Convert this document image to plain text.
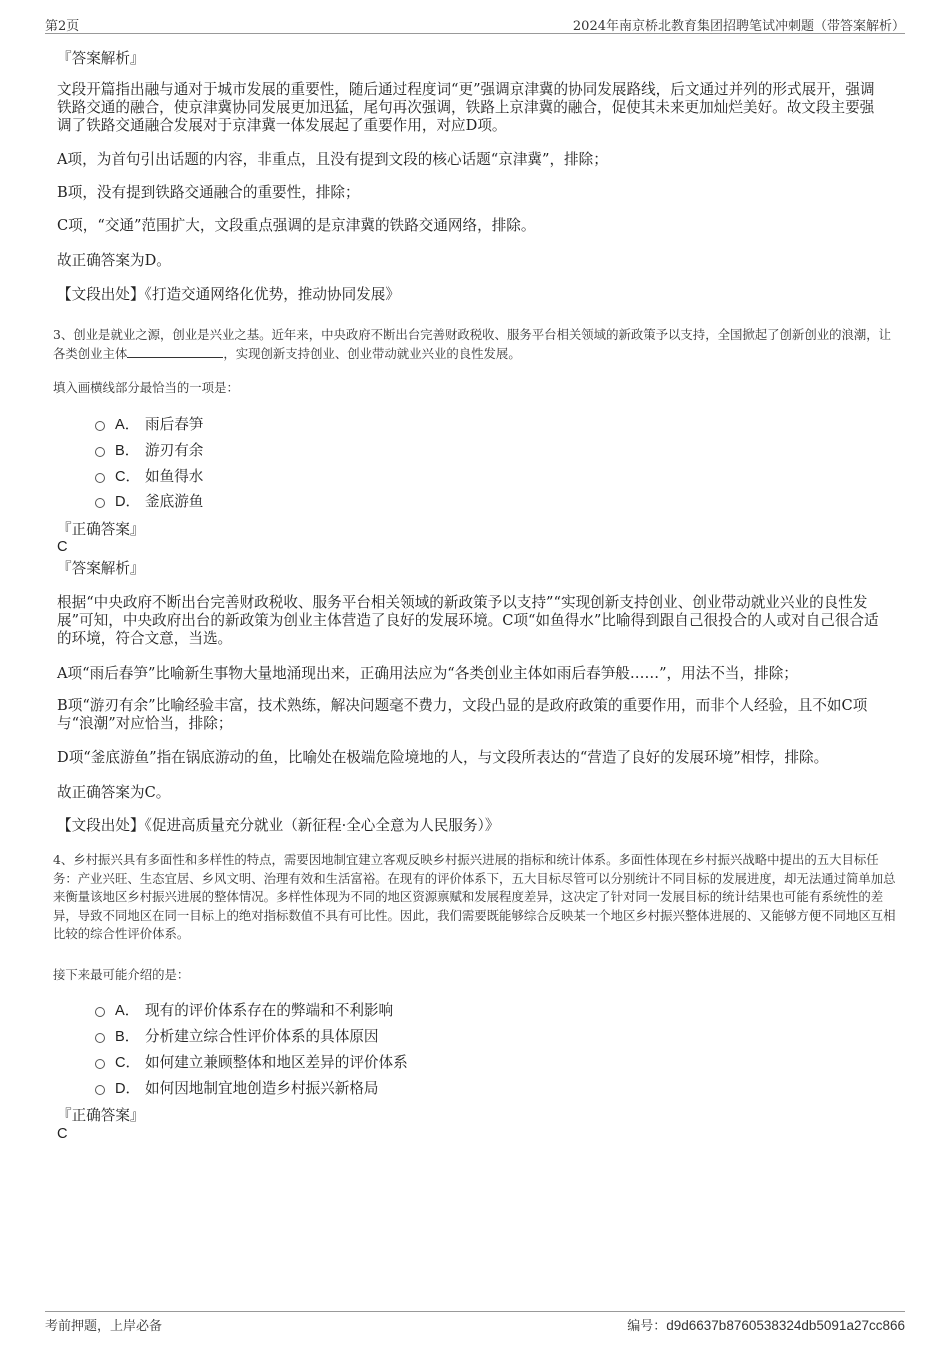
第2页	2024年南京桥北教育集团招聘笔试冲刺题（带答案解析）

『答案解析』

文段开篇指出融与通对于城市发展的重要性，随后通过程度词“更”强调京津冀的协同发展路线，后文通过并列的形式展开，强调铁路交通的融合，使京津冀协同发展更加迅猛，尾句再次强调，铁路上京津冀的融合，促使其未来更加灿烂美好。故文段主要强调了铁路交通融合发展对于京津冀一体发展起了重要作用，对应D项。

A项，为首句引出话题的内容，非重点，且没有提到文段的核心话题“京津冀”，排除；

B项，没有提到铁路交通融合的重要性，排除；

C项，“交通”范围扩大，文段重点强调的是京津冀的铁路交通网络，排除。

故正确答案为D。

【文段出处】《打造交通网络化优势，推动协同发展》

3、创业是就业之源，创业是兴业之基。近年来，中央政府不断出台完善财政税收、服务平台相关领域的新政策予以支持，全国掀起了创新创业的浪潮，让各类创业主体	，实现创新支持创业、创业带动就业兴业的良性发展。

填入画横线部分最恰当的一项是：
A． 雨后春笋
B． 游刃有余
C． 如鱼得水
D． 釜底游鱼

『正确答案』

C

『答案解析』

根据“中央政府不断出台完善财政税收、服务平台相关领域的新政策予以支持”“实现创新支持创业、创业带动就业兴业的良性发展”可知，中央政府出台的新政策为创业主体营造了良好的发展环境。C项“如鱼得水”比喻得到跟自己很投合的人或对自己很合适的环境，符合文意，当选。

A项“雨后春笋”比喻新生事物大量地涌现出来，正确用法应为“各类创业主体如雨后春笋般……”，用法不当，排除；

B项“游刃有余”比喻经验丰富，技术熟练，解决问题毫不费力，文段凸显的是政府政策的重要作用，而非个人经验，且不如C项与“浪潮”对应恰当，排除；

D项“釜底游鱼”指在锅底游动的鱼，比喻处在极端危险境地的人，与文段所表达的“营造了良好的发展环境”相悖，排除。

故正确答案为C。

【文段出处】《促进高质量充分就业（新征程·全心全意为人民服务）》

4、乡村振兴具有多面性和多样性的特点，需要因地制宜建立客观反映乡村振兴进展的指标和统计体系。多面性体现在乡村振兴战略中提出的五大目标任务：产业兴旺、生态宜居、乡风文明、治理有效和生活富裕。在现有的评价体系下，五大目标尽管可以分别统计不同目标的发展进度，却无法通过简单加总来衡量该地区乡村振兴进展的整体情况。多样性体现为不同的地区资源禀赋和发展程度差异，这决定了针对同一发展目标的统计结果也可能有系统性的差异，导致不同地区在同一目标上的绝对指标数值不具有可比性。因此，我们需要既能够综合反映某一个地区乡村振兴整体进展的、又能够方便不同地区互相比较的综合性评价体系。

接下来最可能介绍的是：
A． 现有的评价体系存在的弊端和不利影响
B． 分析建立综合性评价体系的具体原因
C． 如何建立兼顾整体和地区差异的评价体系
D． 如何因地制宜地创造乡村振兴新格局

『正确答案』

C
考前押题，上岸必备	编号：d9d6637b8760538324db5091a27cc866
